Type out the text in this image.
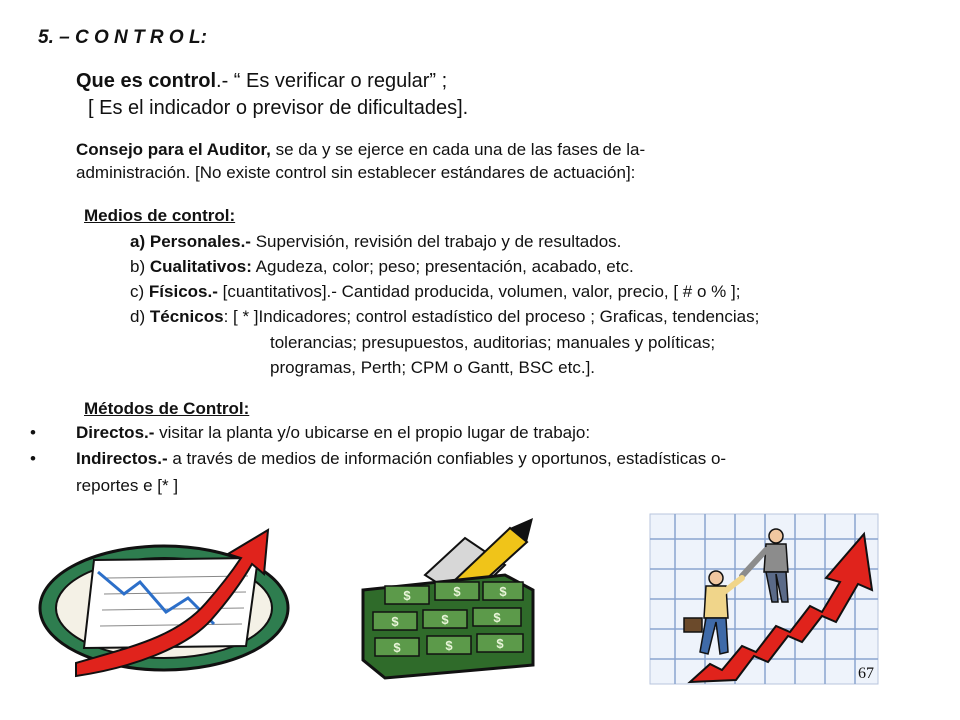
5. – C O N T R O L:
Que es control.- “ Es verificar o regular” ;
[ Es el indicador o previsor de dificultades].
Consejo para el Auditor, se da y se ejerce en cada una de las fases de la-
administración. [No existe control sin establecer estándares de actuación]:
Medios de control:
a) Personales.- Supervisión, revisión del trabajo y de resultados.
b) Cualitativos: Agudeza, color; peso; presentación, acabado, etc.
c) Físicos.- [cuantitativos].- Cantidad producida, volumen, valor, precio, [ # o % ];
d) Técnicos: [ * ]Indicadores; control estadístico del proceso ; Graficas, tendencias;
tolerancias; presupuestos, auditorias; manuales y políticas;
programas, Perth; CPM o Gantt, BSC etc.].
Métodos de Control:
• Directos.- visitar la planta y/o ubicarse en el propio lugar de trabajo:
• Indirectos.- a través de medios de información confiables y oportunos, estadísticas o-
reportes e [* ]
$	$	$
$	$	$
$	$	$
67
